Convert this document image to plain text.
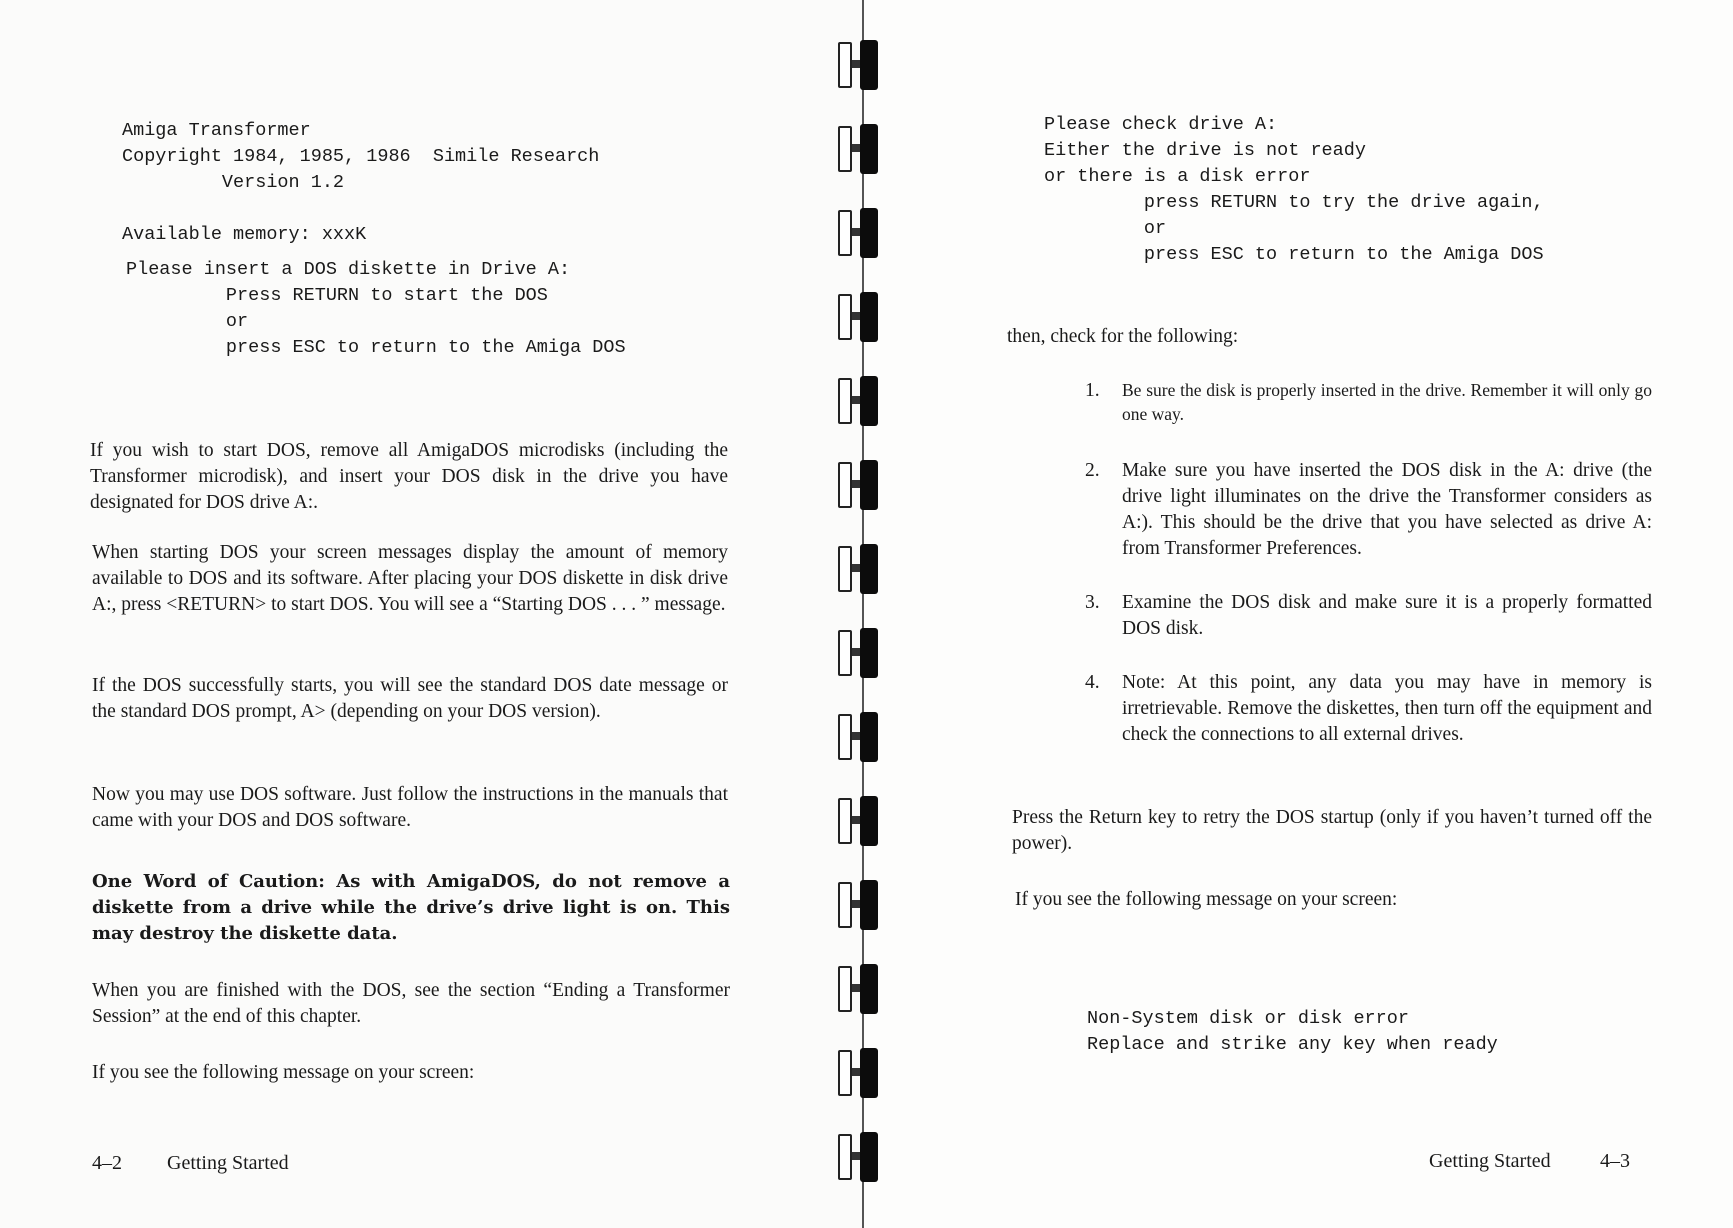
Amiga Transformer
Copyright 1984, 1985, 1986  Simile Research
Version 1.2
Available memory: xxxK
Please insert a DOS diskette in Drive A:
Press RETURN to start the DOS
or
press ESC to return to the Amiga DOS

If you wish to start DOS, remove all AmigaDOS microdisks (including the Transformer microdisk), and insert your DOS disk in the drive you have designated for DOS drive A:.

When starting DOS your screen messages display the amount of memory available to DOS and its software. After placing your DOS diskette in disk drive A:, press <RETURN> to start DOS. You will see a “Starting DOS . . . ” message.

If the DOS successfully starts, you will see the standard DOS date message or the standard DOS prompt, A> (depending on your DOS version).

Now you may use DOS software. Just follow the instructions in the manuals that came with your DOS and DOS software.

One Word of Caution: As with AmigaDOS, do not remove a diskette from a drive while the drive’s drive light is on. This may destroy the diskette data.

When you are finished with the DOS, see the section “Ending a Transformer Session” at the end of this chapter.

If you see the following message on your screen:

4–2 Getting Started
Please check drive A:
Either the drive is not ready
or there is a disk error
press RETURN to try the drive again,
or
press ESC to return to the Amiga DOS

then, check for the following:

1. Be sure the disk is properly inserted in the drive. Remember it will only go one way.

2. Make sure you have inserted the DOS disk in the A: drive (the drive light illuminates on the drive the Transformer considers as A:). This should be the drive that you have selected as drive A: from Transformer Preferences.

3. Examine the DOS disk and make sure it is a properly formatted DOS disk.

4. Note: At this point, any data you may have in memory is irretrievable. Remove the diskettes, then turn off the equipment and check the connections to all external drives.

Press the Return key to retry the DOS startup (only if you haven’t turned off the power).

If you see the following message on your screen:

Non-System disk or disk error
Replace and strike any key when ready
Getting Started 4–3
